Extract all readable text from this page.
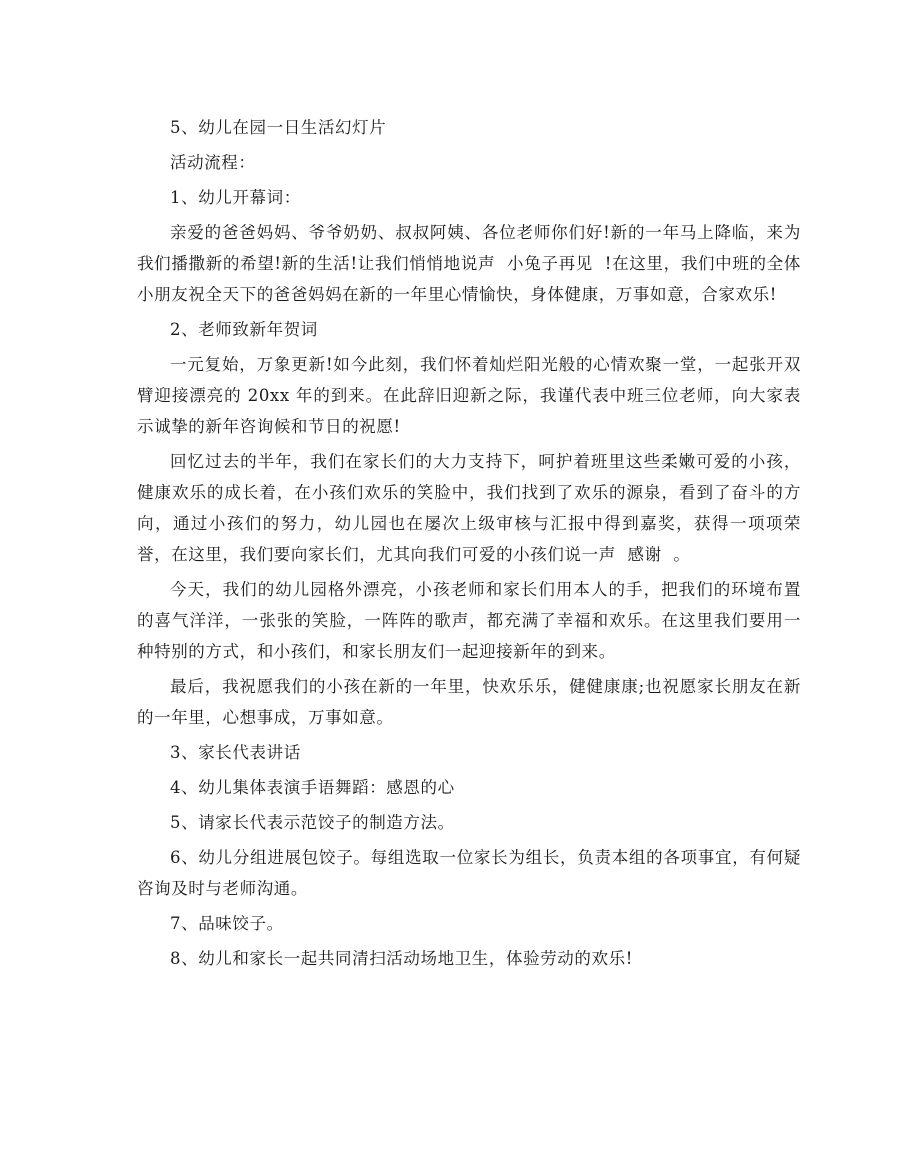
5、幼儿在园一日生活幻灯片

活动流程：

1、幼儿开幕词：

亲爱的爸爸妈妈、爷爷奶奶、叔叔阿姨、各位老师你们好!新的一年马上降临，来为我们播撒新的希望!新的生活!让我们悄悄地说声  小兔子再见  !在这里，我们中班的全体小朋友祝全天下的爸爸妈妈在新的一年里心情愉快，身体健康，万事如意，合家欢乐!

2、老师致新年贺词

一元复始，万象更新!如今此刻，我们怀着灿烂阳光般的心情欢聚一堂，一起张开双臂迎接漂亮的 20xx 年的到来。在此辞旧迎新之际，我谨代表中班三位老师，向大家表示诚挚的新年咨询候和节日的祝愿!

回忆过去的半年，我们在家长们的大力支持下，呵护着班里这些柔嫩可爱的小孩，健康欢乐的成长着，在小孩们欢乐的笑脸中，我们找到了欢乐的源泉，看到了奋斗的方向，通过小孩们的努力，幼儿园也在屡次上级审核与汇报中得到嘉奖，获得一项项荣誉，在这里，我们要向家长们，尤其向我们可爱的小孩们说一声  感谢  。

今天，我们的幼儿园格外漂亮，小孩老师和家长们用本人的手，把我们的环境布置的喜气洋洋，一张张的笑脸，一阵阵的歌声，都充满了幸福和欢乐。在这里我们要用一种特别的方式，和小孩们，和家长朋友们一起迎接新年的到来。

最后，我祝愿我们的小孩在新的一年里，快欢乐乐，健健康康;也祝愿家长朋友在新的一年里，心想事成，万事如意。

3、家长代表讲话

4、幼儿集体表演手语舞蹈：感恩的心

5、请家长代表示范饺子的制造方法。

6、幼儿分组进展包饺子。每组选取一位家长为组长，负责本组的各项事宜，有何疑咨询及时与老师沟通。

7、品味饺子。

8、幼儿和家长一起共同清扫活动场地卫生，体验劳动的欢乐!
